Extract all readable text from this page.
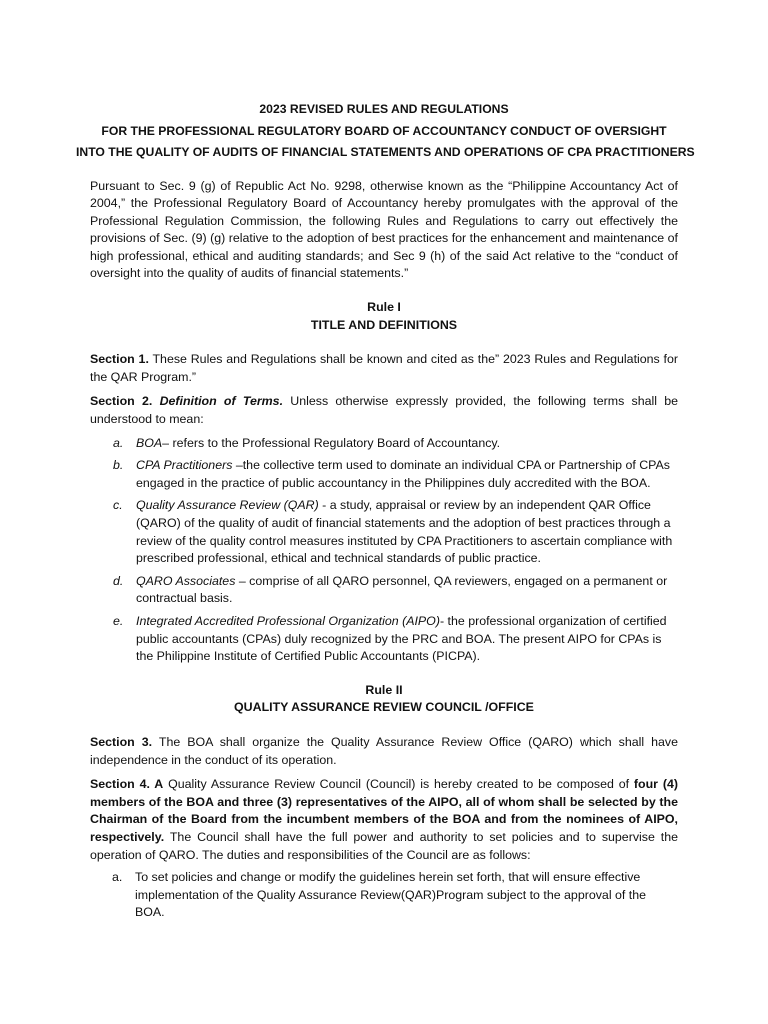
2023 REVISED RULES AND REGULATIONS
FOR THE PROFESSIONAL REGULATORY BOARD OF ACCOUNTANCY CONDUCT OF OVERSIGHT
INTO THE QUALITY OF AUDITS OF FINANCIAL STATEMENTS AND OPERATIONS OF CPA PRACTITIONERS

Pursuant to Sec. 9 (g) of Republic Act No. 9298, otherwise known as the “Philippine Accountancy Act of 2004,” the Professional Regulatory Board of Accountancy hereby promulgates with the approval of the Professional Regulation Commission, the following Rules and Regulations to carry out effectively the provisions of Sec. (9) (g) relative to the adoption of best practices for the enhancement and maintenance of high professional, ethical and auditing standards; and Sec 9 (h) of the said Act relative to the “conduct of oversight into the quality of audits of financial statements.”

Rule I
TITLE AND DEFINITIONS

Section 1. These Rules and Regulations shall be known and cited as the” 2023 Rules and Regulations for the QAR Program.”

Section 2. Definition of Terms. Unless otherwise expressly provided, the following terms shall be understood to mean:

a. BOA– refers to the Professional Regulatory Board of Accountancy.
b. CPA Practitioners –the collective term used to dominate an individual CPA or Partnership of CPAs engaged in the practice of public accountancy in the Philippines duly accredited with the BOA.
c. Quality Assurance Review (QAR) - a study, appraisal or review by an independent QAR Office (QARO) of the quality of audit of financial statements and the adoption of best practices through a review of the quality control measures instituted by CPA Practitioners to ascertain compliance with prescribed professional, ethical and technical standards of public practice.
d. QARO Associates – comprise of all QARO personnel, QA reviewers, engaged on a permanent or contractual basis.
e. Integrated Accredited Professional Organization (AIPO)- the professional organization of certified public accountants (CPAs) duly recognized by the PRC and BOA. The present AIPO for CPAs is the Philippine Institute of Certified Public Accountants (PICPA).
Rule II
QUALITY ASSURANCE REVIEW COUNCIL /OFFICE

Section 3. The BOA shall organize the Quality Assurance Review Office (QARO) which shall have independence in the conduct of its operation.

Section 4. A Quality Assurance Review Council (Council) is hereby created to be composed of four (4) members of the BOA and three (3) representatives of the AIPO, all of whom shall be selected by the Chairman of the Board from the incumbent members of the BOA and from the nominees of AIPO, respectively. The Council shall have the full power and authority to set policies and to supervise the operation of QARO. The duties and responsibilities of the Council are as follows:

a. To set policies and change or modify the guidelines herein set forth, that will ensure effective implementation of the Quality Assurance Review(QAR)Program subject to the approval of the BOA.
